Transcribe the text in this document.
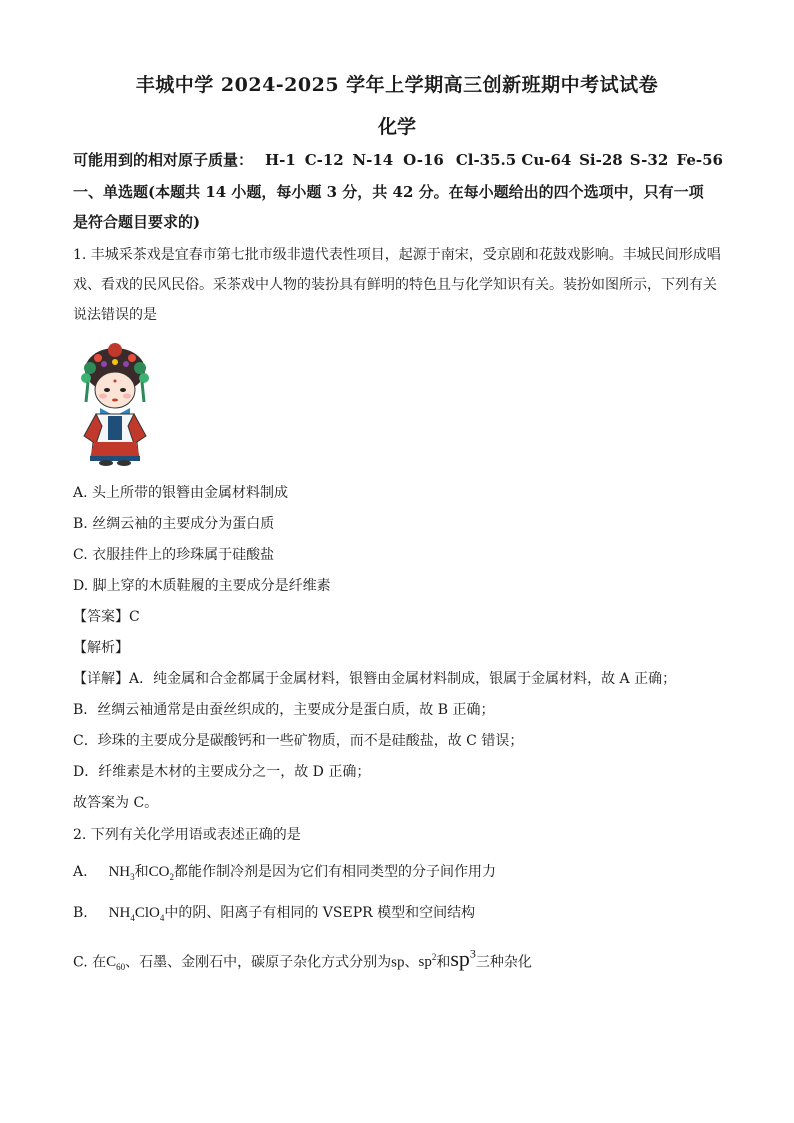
丰城中学 2024-2025 学年上学期高三创新班期中考试试卷
化学
可能用到的相对原子质量： H-1 C-12 N-14 O-16 Cl-35.5 Cu-64 Si-28 S-32 Fe-56
一、单选题(本题共 14 小题，每小题 3 分，共 42 分。在每小题给出的四个选项中，只有一项
是符合题目要求的)
1. 丰城采茶戏是宜春市第七批市级非遗代表性项目，起源于南宋，受京剧和花鼓戏影响。丰城民间形成唱
戏、看戏的民风民俗。采茶戏中人物的装扮具有鲜明的特色且与化学知识有关。装扮如图所示，下列有关
说法错误的是
A. 头上所带的银簪由金属材料制成
B. 丝绸云袖的主要成分为蛋白质
C. 衣服挂件上的珍珠属于硅酸盐
D. 脚上穿的木质鞋履的主要成分是纤维素
【答案】C
【解析】
【详解】A．纯金属和合金都属于金属材料，银簪由金属材料制成，银属于金属材料，故 A 正确；
B．丝绸云袖通常是由蚕丝织成的，主要成分是蛋白质，故 B 正确；
C．珍珠的主要成分是碳酸钙和一些矿物质，而不是硅酸盐，故 C 错误；
D．纤维素是木材的主要成分之一，故 D 正确；
故答案为 C。
2. 下列有关化学用语或表述正确的是
A. $NH_3$和$CO_2$都能作制冷剂是因为它们有相同类型的分子间作用力
B. $NH_4ClO_4$中的阴、阳离子有相同的 VSEPR 模型和空间结构
C. 在$C_{60}$、石墨、金刚石中，碳原子杂化方式分别为sp、$sp^2$和$sp^3$三种杂化
